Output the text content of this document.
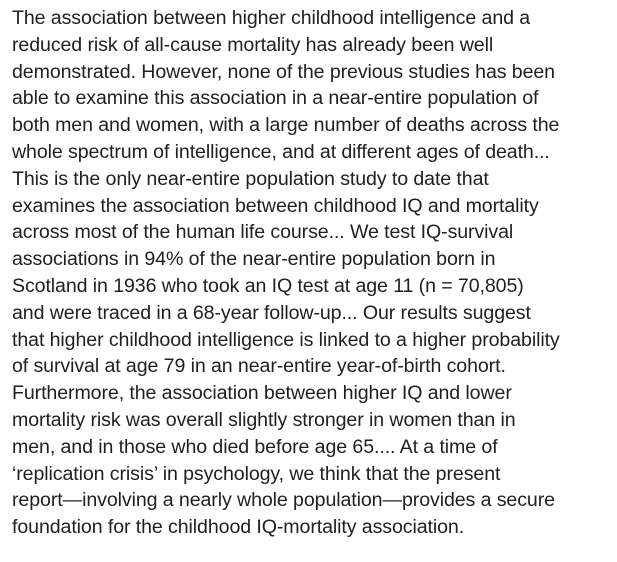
The association between higher childhood intelligence and a
reduced risk of all-cause mortality has already been well
demonstrated. However, none of the previous studies has been
able to examine this association in a near-entire population of
both men and women, with a large number of deaths across the
whole spectrum of intelligence, and at different ages of death...
This is the only near-entire population study to date that
examines the association between childhood IQ and mortality
across most of the human life course... We test IQ-survival
associations in 94% of the near-entire population born in
Scotland in 1936 who took an IQ test at age 11 (n = 70,805)
and were traced in a 68-year follow-up... Our results suggest
that higher childhood intelligence is linked to a higher probability
of survival at age 79 in an near-entire year-of-birth cohort.
Furthermore, the association between higher IQ and lower
mortality risk was overall slightly stronger in women than in
men, and in those who died before age 65.... At a time of
‘replication crisis’ in psychology, we think that the present
report—involving a nearly whole population—provides a secure
foundation for the childhood IQ-mortality association.
